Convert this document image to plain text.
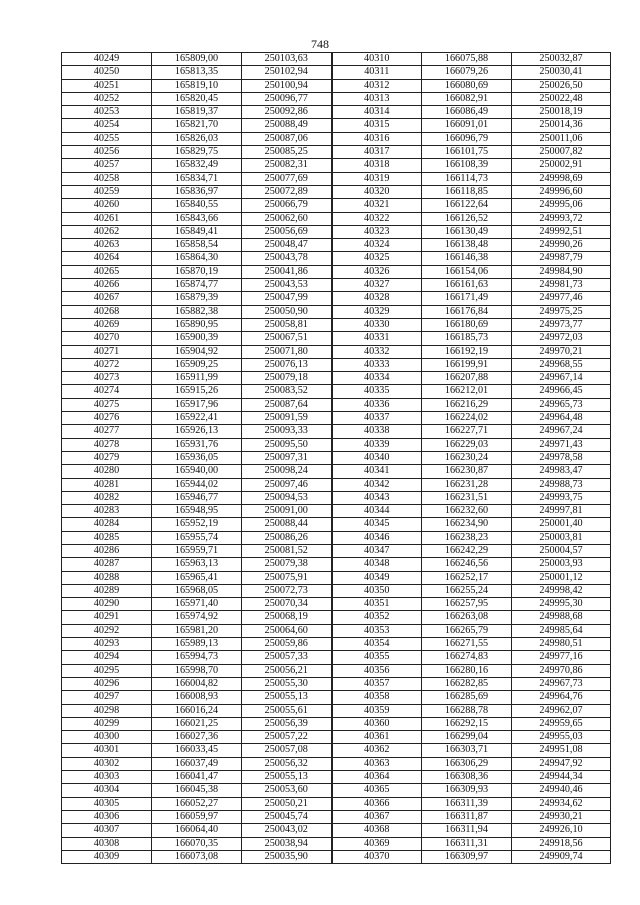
748
40249	165809,00	250103,63	40310	166075,88	250032,87
40250	165813,35	250102,94	40311	166079,26	250030,41
40251	165819,10	250100,94	40312	166080,69	250026,50
40252	165820,45	250096,77	40313	166082,91	250022,48
40253	165819,37	250092,86	40314	166086,49	250018,19
40254	165821,70	250088,49	40315	166091,01	250014,36
40255	165826,03	250087,06	40316	166096,79	250011,06
40256	165829,75	250085,25	40317	166101,75	250007,82
40257	165832,49	250082,31	40318	166108,39	250002,91
40258	165834,71	250077,69	40319	166114,73	249998,69
40259	165836,97	250072,89	40320	166118,85	249996,60
40260	165840,55	250066,79	40321	166122,64	249995,06
40261	165843,66	250062,60	40322	166126,52	249993,72
40262	165849,41	250056,69	40323	166130,49	249992,51
40263	165858,54	250048,47	40324	166138,48	249990,26
40264	165864,30	250043,78	40325	166146,38	249987,79
40265	165870,19	250041,86	40326	166154,06	249984,90
40266	165874,77	250043,53	40327	166161,63	249981,73
40267	165879,39	250047,99	40328	166171,49	249977,46
40268	165882,38	250050,90	40329	166176,84	249975,25
40269	165890,95	250058,81	40330	166180,69	249973,77
40270	165900,39	250067,51	40331	166185,73	249972,03
40271	165904,92	250071,80	40332	166192,19	249970,21
40272	165909,25	250076,13	40333	166199,91	249968,55
40273	165911,99	250079,18	40334	166207,88	249967,14
40274	165915,26	250083,52	40335	166212,01	249966,45
40275	165917,96	250087,64	40336	166216,29	249965,73
40276	165922,41	250091,59	40337	166224,02	249964,48
40277	165926,13	250093,33	40338	166227,71	249967,24
40278	165931,76	250095,50	40339	166229,03	249971,43
40279	165936,05	250097,31	40340	166230,24	249978,58
40280	165940,00	250098,24	40341	166230,87	249983,47
40281	165944,02	250097,46	40342	166231,28	249988,73
40282	165946,77	250094,53	40343	166231,51	249993,75
40283	165948,95	250091,00	40344	166232,60	249997,81
40284	165952,19	250088,44	40345	166234,90	250001,40
40285	165955,74	250086,26	40346	166238,23	250003,81
40286	165959,71	250081,52	40347	166242,29	250004,57
40287	165963,13	250079,38	40348	166246,56	250003,93
40288	165965,41	250075,91	40349	166252,17	250001,12
40289	165968,05	250072,73	40350	166255,24	249998,42
40290	165971,40	250070,34	40351	166257,95	249995,30
40291	165974,92	250068,19	40352	166263,08	249988,68
40292	165981,20	250064,60	40353	166265,79	249985,64
40293	165989,13	250059,86	40354	166271,55	249980,51
40294	165994,73	250057,33	40355	166274,83	249977,16
40295	165998,70	250056,21	40356	166280,16	249970,86
40296	166004,82	250055,30	40357	166282,85	249967,73
40297	166008,93	250055,13	40358	166285,69	249964,76
40298	166016,24	250055,61	40359	166288,78	249962,07
40299	166021,25	250056,39	40360	166292,15	249959,65
40300	166027,36	250057,22	40361	166299,04	249955,03
40301	166033,45	250057,08	40362	166303,71	249951,08
40302	166037,49	250056,32	40363	166306,29	249947,92
40303	166041,47	250055,13	40364	166308,36	249944,34
40304	166045,38	250053,60	40365	166309,93	249940,46
40305	166052,27	250050,21	40366	166311,39	249934,62
40306	166059,97	250045,74	40367	166311,87	249930,21
40307	166064,40	250043,02	40368	166311,94	249926,10
40308	166070,35	250038,94	40369	166311,31	249918,56
40309	166073,08	250035,90	40370	166309,97	249909,74
